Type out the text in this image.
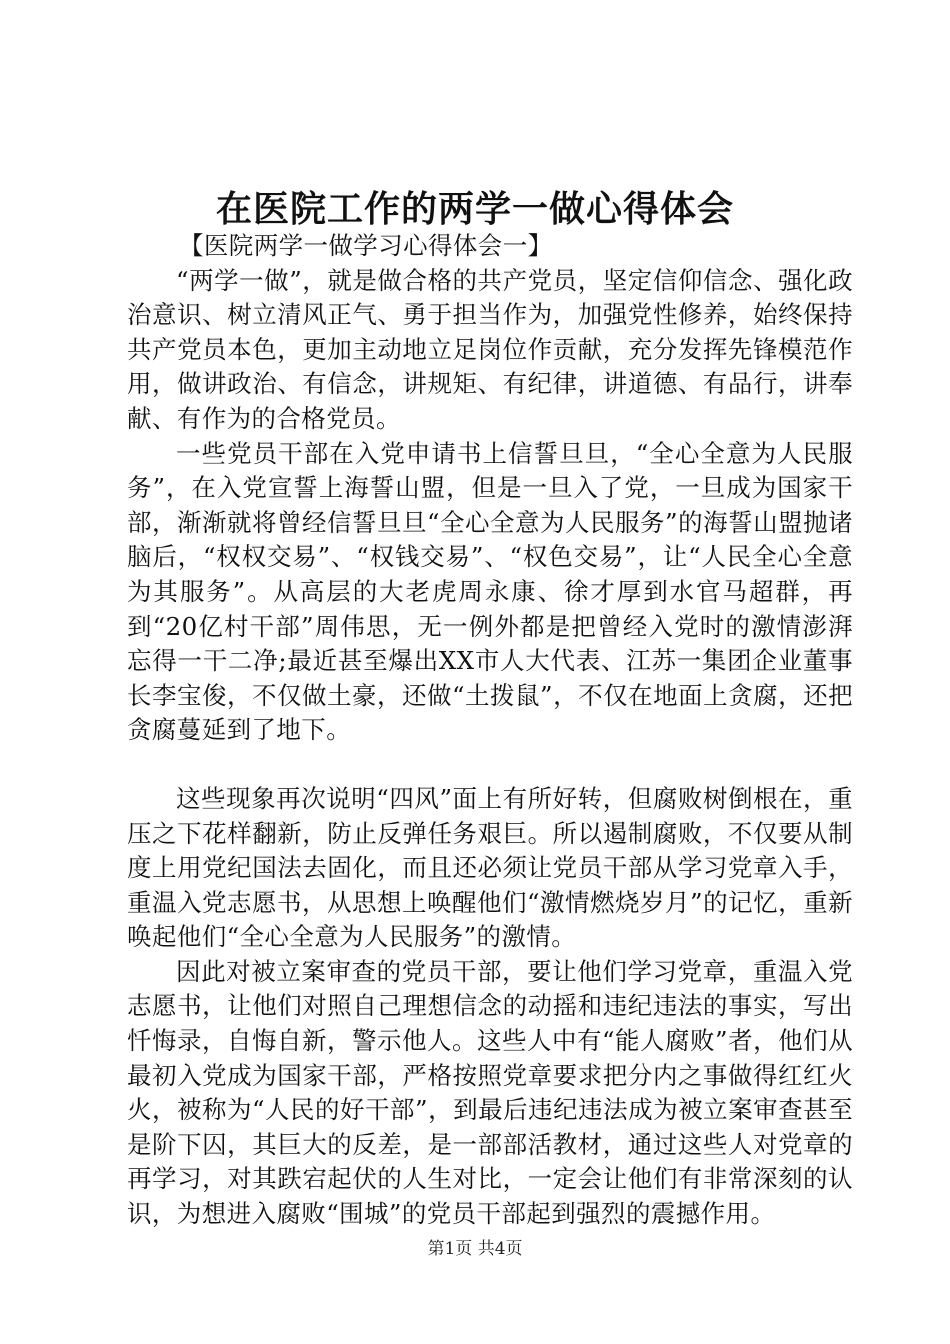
在医院工作的两学一做心得体会

【医院两学一做学习心得体会一】

“两学一做”，就是做合格的共产党员，坚定信仰信念、强化政治意识、树立清风正气、勇于担当作为，加强党性修养，始终保持共产党员本色，更加主动地立足岗位作贡献，充分发挥先锋模范作用，做讲政治、有信念，讲规矩、有纪律，讲道德、有品行，讲奉献、有作为的合格党员。

一些党员干部在入党申请书上信誓旦旦，“全心全意为人民服务”，在入党宣誓上海誓山盟，但是一旦入了党，一旦成为国家干部，渐渐就将曾经信誓旦旦“全心全意为人民服务”的海誓山盟抛诸脑后，“权权交易”、“权钱交易”、“权色交易”，让“人民全心全意为其服务”。从高层的大老虎周永康、徐才厚到水官马超群，再到“20亿村干部”周伟思，无一例外都是把曾经入党时的激情澎湃忘得一干二净;最近甚至爆出XX市人大代表、江苏一集团企业董事长李宝俊，不仅做土豪，还做“土拨鼠”，不仅在地面上贪腐，还把贪腐蔓延到了地下。

这些现象再次说明“四风”面上有所好转，但腐败树倒根在，重压之下花样翻新，防止反弹任务艰巨。所以遏制腐败，不仅要从制度上用党纪国法去固化，而且还必须让党员干部从学习党章入手，重温入党志愿书，从思想上唤醒他们“激情燃烧岁月”的记忆，重新唤起他们“全心全意为人民服务”的激情。

因此对被立案审查的党员干部，要让他们学习党章，重温入党志愿书，让他们对照自己理想信念的动摇和违纪违法的事实，写出忏悔录，自悔自新，警示他人。这些人中有“能人腐败”者，他们从最初入党成为国家干部，严格按照党章要求把分内之事做得红红火火，被称为“人民的好干部”，到最后违纪违法成为被立案审查甚至是阶下囚，其巨大的反差，是一部部活教材，通过这些人对党章的再学习，对其跌宕起伏的人生对比，一定会让他们有非常深刻的认识，为想进入腐败“围城”的党员干部起到强烈的震撼作用。

第1页 共4页
